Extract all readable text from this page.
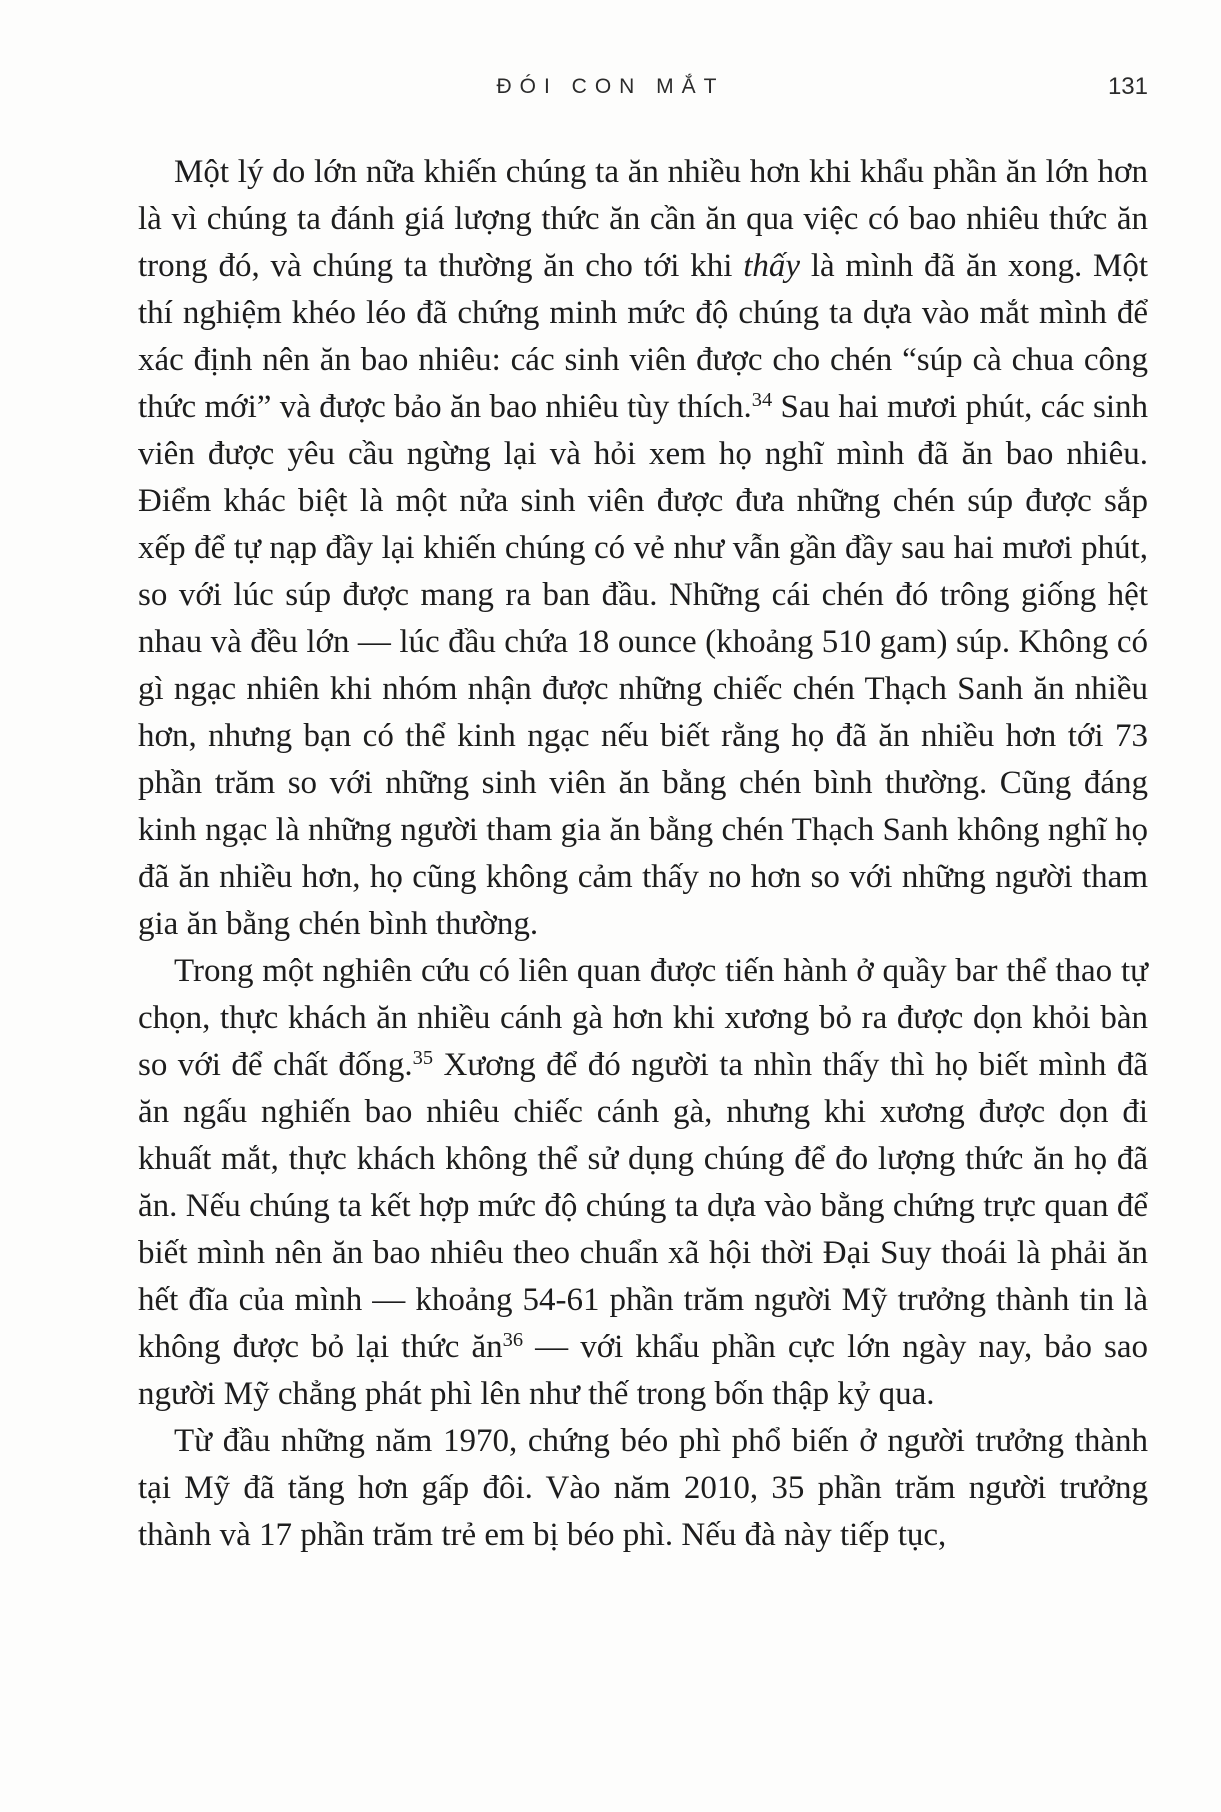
ĐÓI CON MẮT	131

Một lý do lớn nữa khiến chúng ta ăn nhiều hơn khi khẩu phần ăn lớn hơn là vì chúng ta đánh giá lượng thức ăn cần ăn qua việc có bao nhiêu thức ăn trong đó, và chúng ta thường ăn cho tới khi thấy là mình đã ăn xong. Một thí nghiệm khéo léo đã chứng minh mức độ chúng ta dựa vào mắt mình để xác định nên ăn bao nhiêu: các sinh viên được cho chén “súp cà chua công thức mới” và được bảo ăn bao nhiêu tùy thích.$^{34}$ Sau hai mươi phút, các sinh viên được yêu cầu ngừng lại và hỏi xem họ nghĩ mình đã ăn bao nhiêu. Điểm khác biệt là một nửa sinh viên được đưa những chén súp được sắp xếp để tự nạp đầy lại khiến chúng có vẻ như vẫn gần đầy sau hai mươi phút, so với lúc súp được mang ra ban đầu. Những cái chén đó trông giống hệt nhau và đều lớn — lúc đầu chứa 18 ounce (khoảng 510 gam) súp. Không có gì ngạc nhiên khi nhóm nhận được những chiếc chén Thạch Sanh ăn nhiều hơn, nhưng bạn có thể kinh ngạc nếu biết rằng họ đã ăn nhiều hơn tới 73 phần trăm so với những sinh viên ăn bằng chén bình thường. Cũng đáng kinh ngạc là những người tham gia ăn bằng chén Thạch Sanh không nghĩ họ đã ăn nhiều hơn, họ cũng không cảm thấy no hơn so với những người tham gia ăn bằng chén bình thường.

Trong một nghiên cứu có liên quan được tiến hành ở quầy bar thể thao tự chọn, thực khách ăn nhiều cánh gà hơn khi xương bỏ ra được dọn khỏi bàn so với để chất đống.$^{35}$ Xương để đó người ta nhìn thấy thì họ biết mình đã ăn ngấu nghiến bao nhiêu chiếc cánh gà, nhưng khi xương được dọn đi khuất mắt, thực khách không thể sử dụng chúng để đo lượng thức ăn họ đã ăn. Nếu chúng ta kết hợp mức độ chúng ta dựa vào bằng chứng trực quan để biết mình nên ăn bao nhiêu theo chuẩn xã hội thời Đại Suy thoái là phải ăn hết đĩa của mình — khoảng 54-61 phần trăm người Mỹ trưởng thành tin là không được bỏ lại thức ăn$^{36}$ — với khẩu phần cực lớn ngày nay, bảo sao người Mỹ chẳng phát phì lên như thế trong bốn thập kỷ qua.

Từ đầu những năm 1970, chứng béo phì phổ biến ở người trưởng thành tại Mỹ đã tăng hơn gấp đôi. Vào năm 2010, 35 phần trăm người trưởng thành và 17 phần trăm trẻ em bị béo phì. Nếu đà này tiếp tục,
